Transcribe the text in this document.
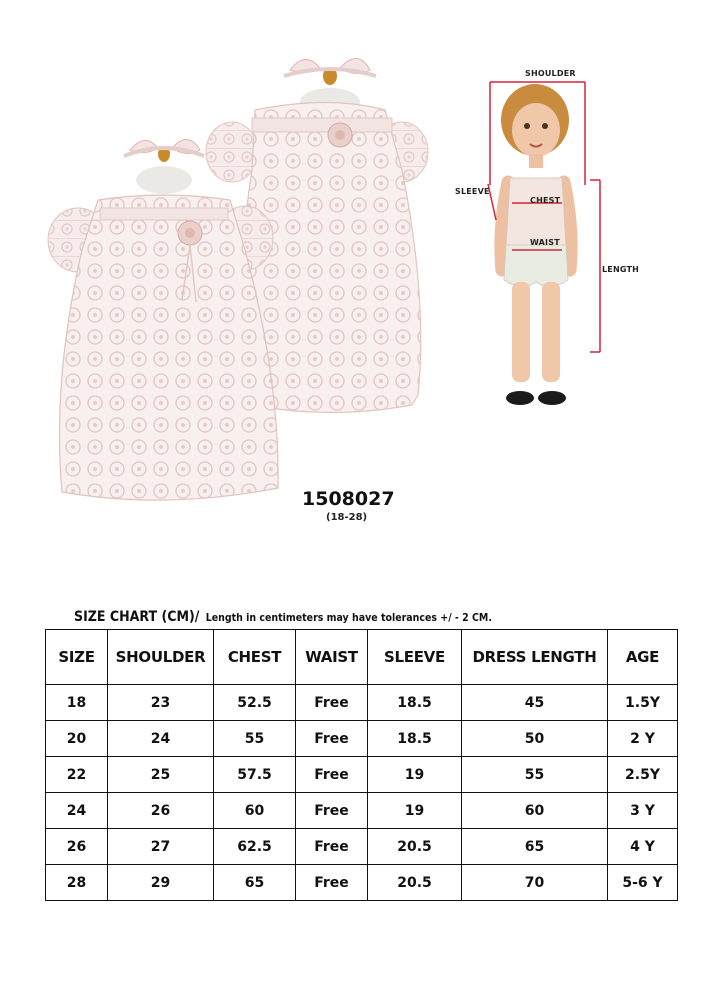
SHOULDER
SLEEVE
CHEST
WAIST
LENGTH
1508027
(18-28)
SIZE CHART (CM)/ Length in centimeters may have tolerances +/ - 2 CM.
SIZE	SHOULDER	CHEST	WAIST	SLEEVE	DRESS LENGTH	AGE
18	23	52.5	Free	18.5	45	1.5Y
20	24	55	Free	18.5	50	2 Y
22	25	57.5	Free	19	55	2.5Y
24	26	60	Free	19	60	3 Y
26	27	62.5	Free	20.5	65	4 Y
28	29	65	Free	20.5	70	5-6 Y
